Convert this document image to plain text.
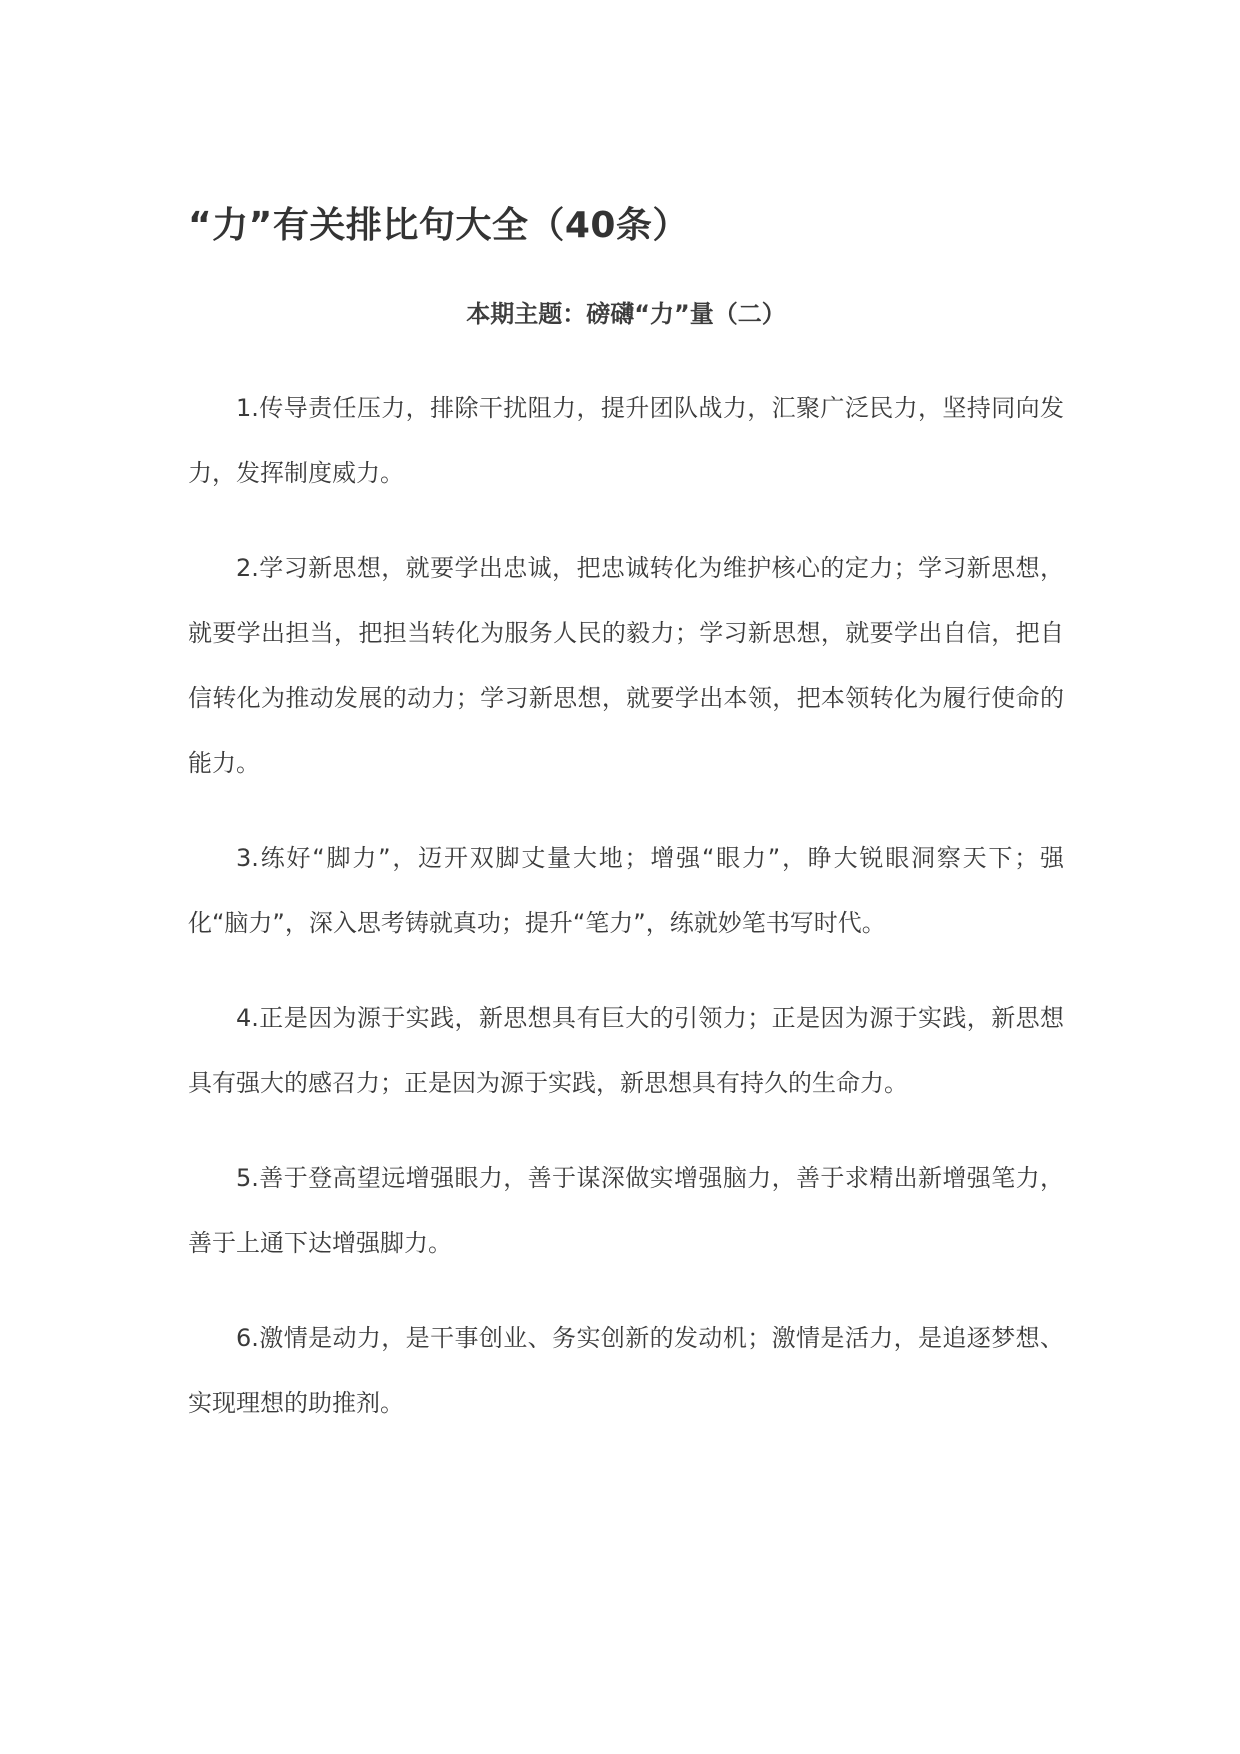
“力”有关排比句大全（40条）
本期主题：磅礴“力”量（二）

1.传导责任压力，排除干扰阻力，提升团队战力，汇聚广泛民力，坚持同向发力，发挥制度威力。

2.学习新思想，就要学出忠诚，把忠诚转化为维护核心的定力；学习新思想，就要学出担当，把担当转化为服务人民的毅力；学习新思想，就要学出自信，把自信转化为推动发展的动力；学习新思想，就要学出本领，把本领转化为履行使命的能力。

3.练好“脚力”，迈开双脚丈量大地；增强“眼力”，睁大锐眼洞察天下；强化“脑力”，深入思考铸就真功；提升“笔力”，练就妙笔书写时代。

4.正是因为源于实践，新思想具有巨大的引领力；正是因为源于实践，新思想具有强大的感召力；正是因为源于实践，新思想具有持久的生命力。

5.善于登高望远增强眼力，善于谋深做实增强脑力，善于求精出新增强笔力，善于上通下达增强脚力。

6.激情是动力，是干事创业、务实创新的发动机；激情是活力，是追逐梦想、实现理想的助推剂。
